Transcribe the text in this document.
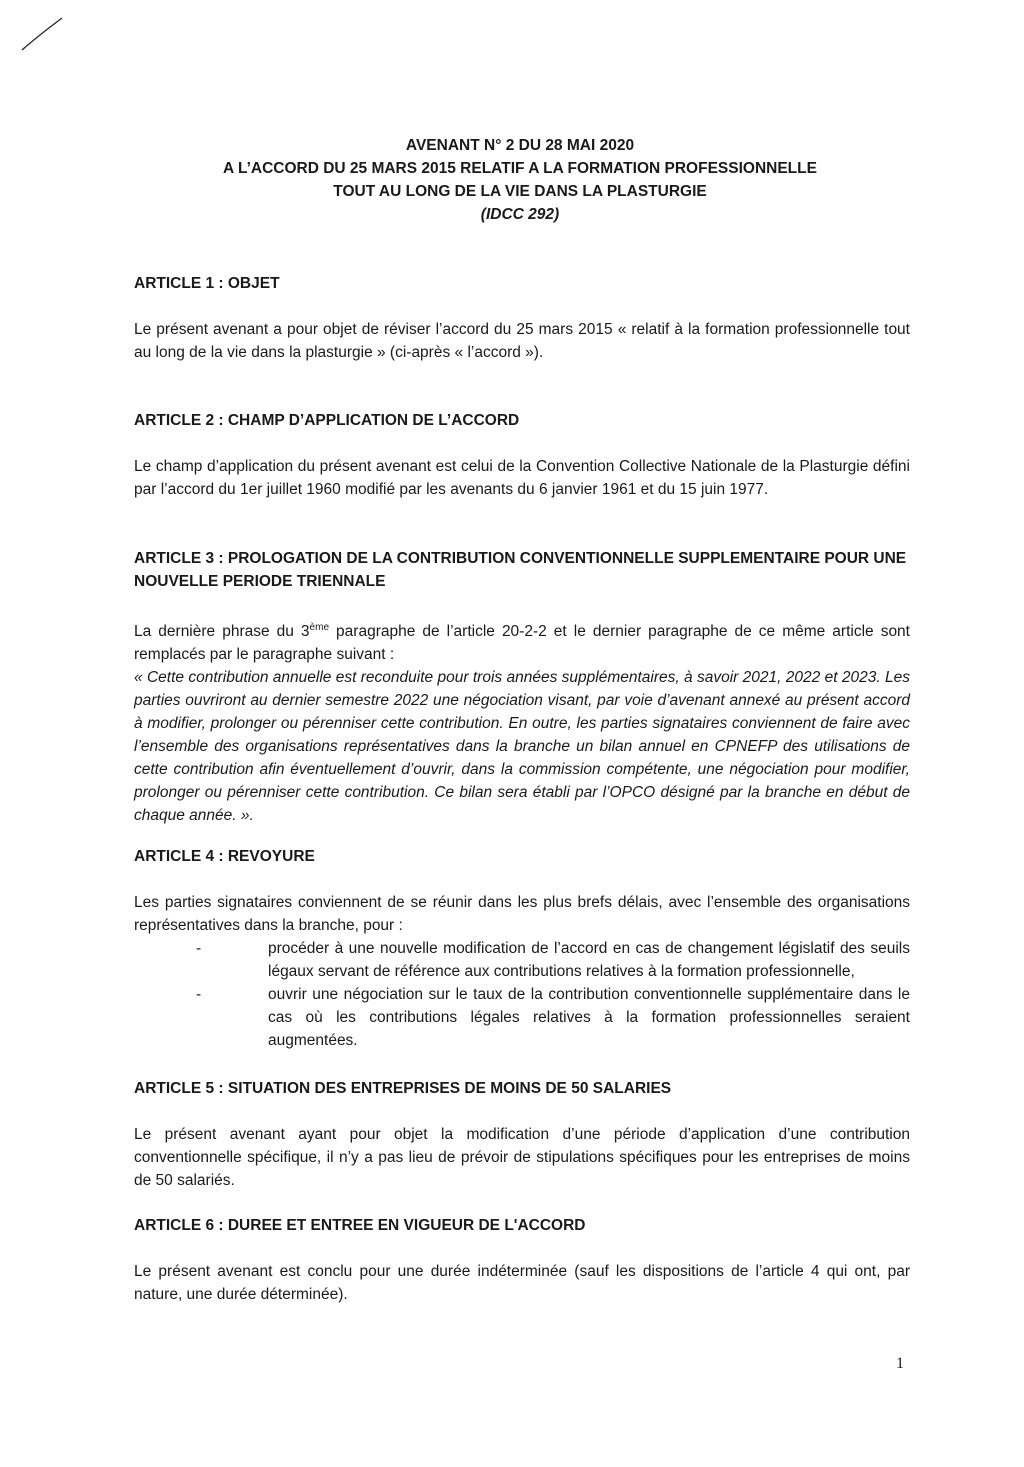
AVENANT N° 2 DU 28 MAI 2020
A L’ACCORD DU 25 MARS 2015 RELATIF A LA FORMATION PROFESSIONNELLE
TOUT AU LONG DE LA VIE DANS LA PLASTURGIE
(IDCC 292)
ARTICLE 1 : OBJET

Le présent avenant a pour objet de réviser l’accord du 25 mars 2015 « relatif à la formation professionnelle tout au long de la vie dans la plasturgie » (ci-après « l’accord »).

ARTICLE 2 : CHAMP D’APPLICATION DE L’ACCORD

Le champ d’application du présent avenant est celui de la Convention Collective Nationale de la Plasturgie défini par l’accord du 1er juillet 1960 modifié par les avenants du 6 janvier 1961 et du 15 juin 1977.

ARTICLE 3 : PROLOGATION DE LA CONTRIBUTION CONVENTIONNELLE SUPPLEMENTAIRE POUR UNE NOUVELLE PERIODE TRIENNALE

La dernière phrase du 3ème paragraphe de l’article 20-2-2 et le dernier paragraphe de ce même article sont remplacés par le paragraphe suivant :

« Cette contribution annuelle est reconduite pour trois années supplémentaires, à savoir 2021, 2022 et 2023. Les parties ouvriront au dernier semestre 2022 une négociation visant, par voie d’avenant annexé au présent accord à modifier, prolonger ou pérenniser cette contribution. En outre, les parties signataires conviennent de faire avec l’ensemble des organisations représentatives dans la branche un bilan annuel en CPNEFP des utilisations de cette contribution afin éventuellement d’ouvrir, dans la commission compétente, une négociation pour modifier, prolonger ou pérenniser cette contribution. Ce bilan sera établi par l’OPCO désigné par la branche en début de chaque année. ».

ARTICLE 4 : REVOYURE

Les parties signataires conviennent de se réunir dans les plus brefs délais, avec l’ensemble des organisations représentatives dans la branche, pour :

-	procéder à une nouvelle modification de l’accord en cas de changement législatif des seuils légaux servant de référence aux contributions relatives à la formation professionnelle,
-	ouvrir une négociation sur le taux de la contribution conventionnelle supplémentaire dans le cas où les contributions légales relatives à la formation professionnelles seraient augmentées.
ARTICLE 5 : SITUATION DES ENTREPRISES DE MOINS DE 50 SALARIES

Le présent avenant ayant pour objet la modification d’une période d’application d’une contribution conventionnelle spécifique, il n’y a pas lieu de prévoir de stipulations spécifiques pour les entreprises de moins de 50 salariés.

ARTICLE 6 : DUREE ET ENTREE EN VIGUEUR DE L'ACCORD

Le présent avenant est conclu pour une durée indéterminée (sauf les dispositions de l’article 4 qui ont, par nature, une durée déterminée).

1
